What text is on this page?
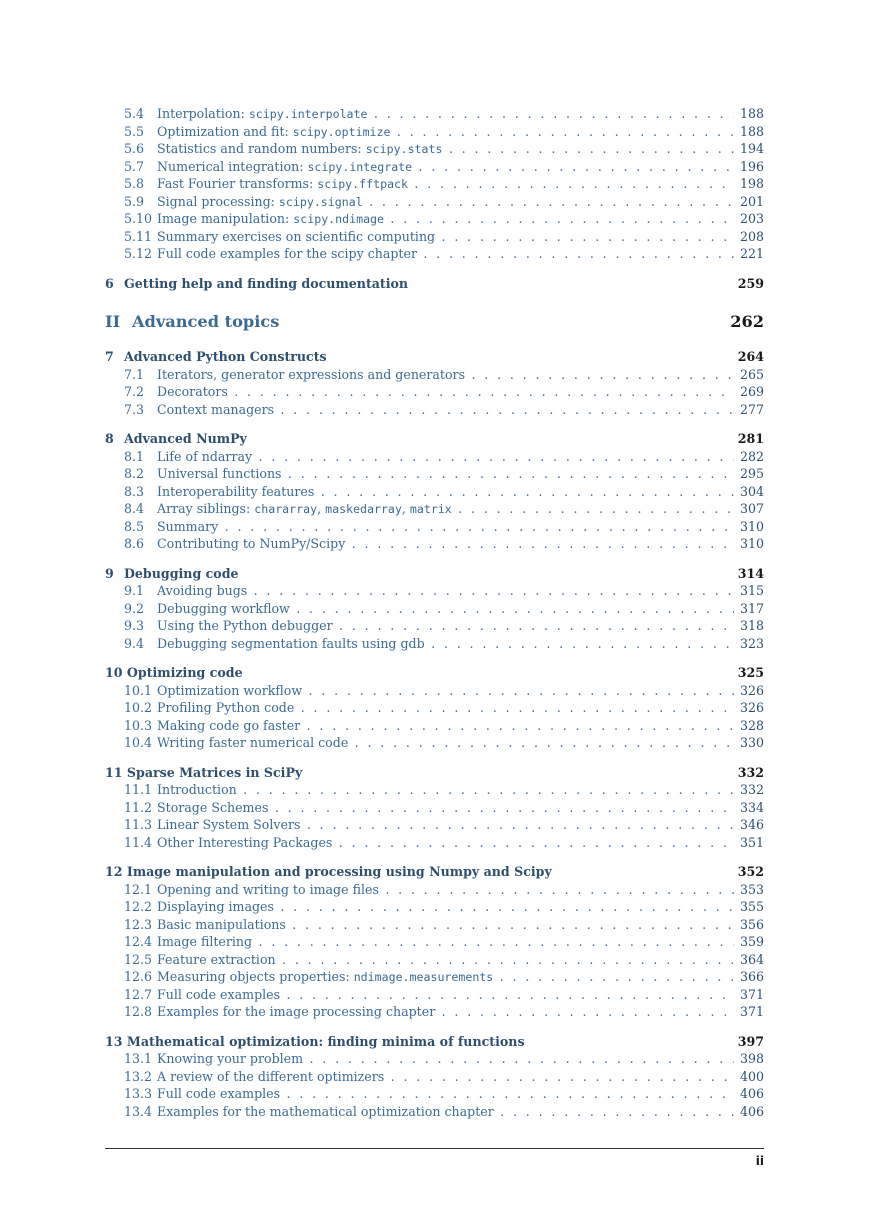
5.4 Interpolation: scipy.interpolate . . .	188
5.5 Optimization and fit: scipy.optimize . . .	188
5.6 Statistics and random numbers: scipy.stats . . .	194
5.7 Numerical integration: scipy.integrate . . .	196
5.8 Fast Fourier transforms: scipy.fftpack . . .	198
5.9 Signal processing: scipy.signal . . .	201
5.10 Image manipulation: scipy.ndimage . . .	203
5.11 Summary exercises on scientific computing . . .	208
5.12 Full code examples for the scipy chapter . . .	221
6 Getting help and finding documentation	259
II Advanced topics	262
7 Advanced Python Constructs	264
7.1 Iterators, generator expressions and generators . . .	265
7.2 Decorators . . .	269
7.3 Context managers . . .	277
8 Advanced NumPy	281
8.1 Life of ndarray . . .	282
8.2 Universal functions . . .	295
8.3 Interoperability features . . .	304
8.4 Array siblings: chararray, maskedarray, matrix . . .	307
8.5 Summary . . .	310
8.6 Contributing to NumPy/Scipy . . .	310
9 Debugging code	314
9.1 Avoiding bugs . . .	315
9.2 Debugging workflow . . .	317
9.3 Using the Python debugger . . .	318
9.4 Debugging segmentation faults using gdb . . .	323
10 Optimizing code	325
10.1 Optimization workflow . . .	326
10.2 Profiling Python code . . .	326
10.3 Making code go faster . . .	328
10.4 Writing faster numerical code . . .	330
11 Sparse Matrices in SciPy	332
11.1 Introduction . . .	332
11.2 Storage Schemes . . .	334
11.3 Linear System Solvers . . .	346
11.4 Other Interesting Packages . . .	351
12 Image manipulation and processing using Numpy and Scipy	352
12.1 Opening and writing to image files . . .	353
12.2 Displaying images . . .	355
12.3 Basic manipulations . . .	356
12.4 Image filtering . . .	359
12.5 Feature extraction . . .	364
12.6 Measuring objects properties: ndimage.measurements . . .	366
12.7 Full code examples . . .	371
12.8 Examples for the image processing chapter . . .	371
13 Mathematical optimization: finding minima of functions	397
13.1 Knowing your problem . . .	398
13.2 A review of the different optimizers . . .	400
13.3 Full code examples . . .	406
13.4 Examples for the mathematical optimization chapter . . .	406
ii
